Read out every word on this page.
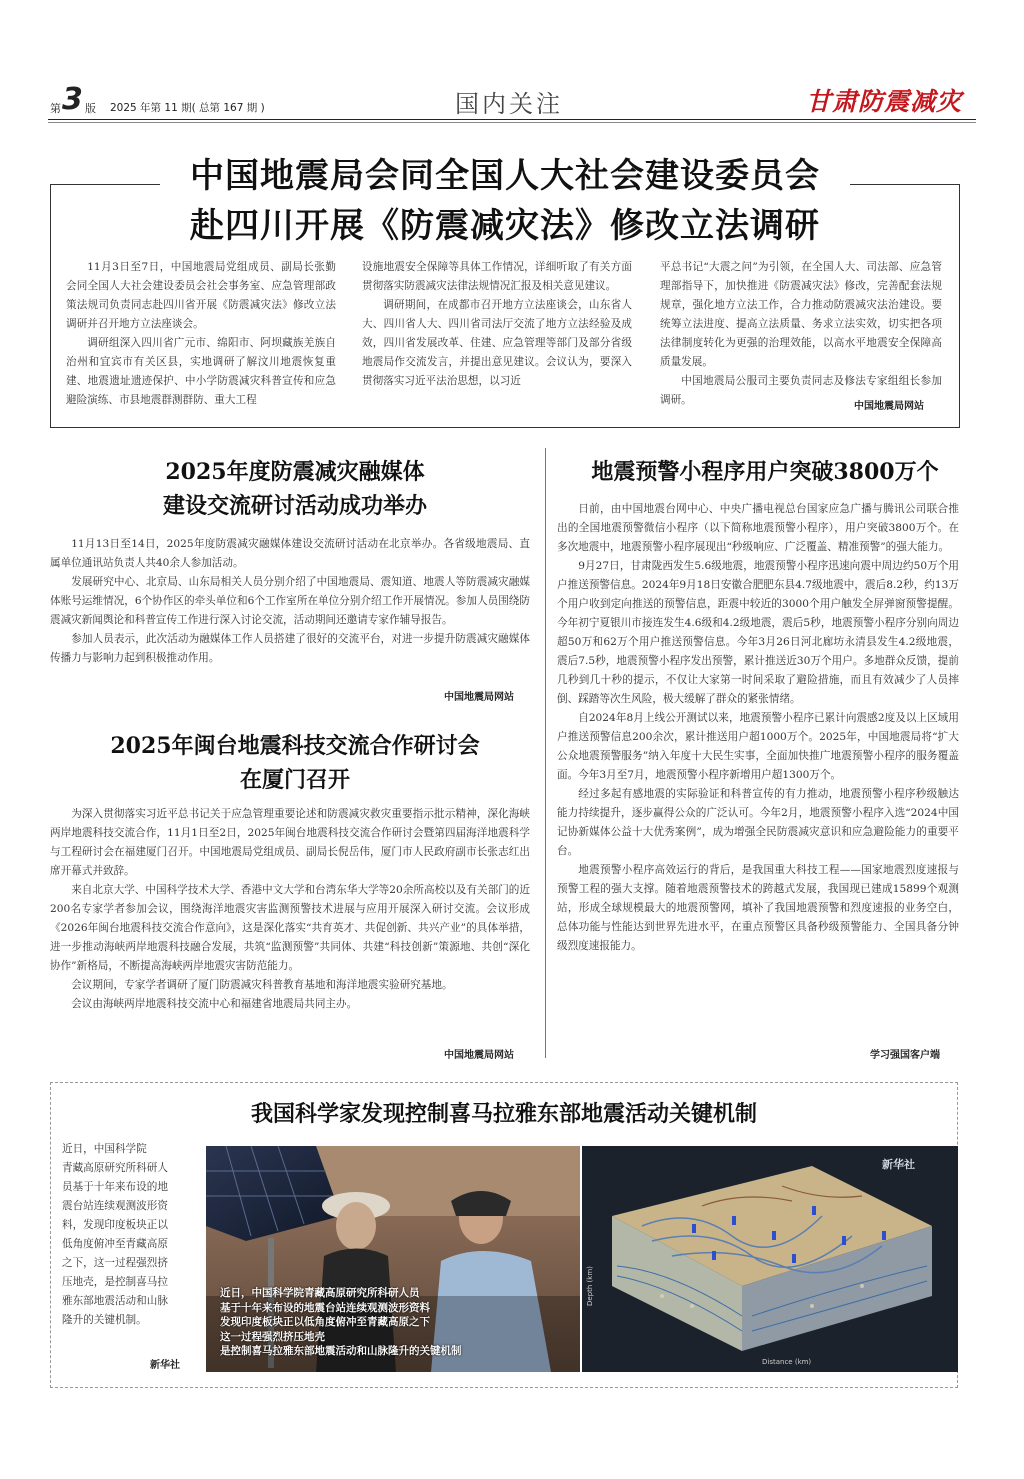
第 3 版 2025 年第 11 期( 总第 167 期 )	国内关注	甘肃防震减灾
中国地震局会同全国人大社会建设委员会
赴四川开展《防震减灾法》修改立法调研

11月3日至7日，中国地震局党组成员、副局长张勤会同全国人大社会建设委员会社会事务室、应急管理部政策法规司负责同志赴四川省开展《防震减灾法》修改立法调研并召开地方立法座谈会。

调研组深入四川省广元市、绵阳市、阿坝藏族羌族自治州和宜宾市有关区县，实地调研了解汶川地震恢复重建、地震遗址遗迹保护、中小学防震减灾科普宣传和应急避险演练、市县地震群测群防、重大工程

设施地震安全保障等具体工作情况，详细听取了有关方面贯彻落实防震减灾法律法规情况汇报及相关意见建议。

调研期间，在成都市召开地方立法座谈会，山东省人大、四川省人大、四川省司法厅交流了地方立法经验及成效，四川省发展改革、住建、应急管理等部门及部分省级地震局作交流发言，并提出意见建议。会议认为，要深入贯彻落实习近平法治思想，以习近

平总书记“大震之问”为引领，在全国人大、司法部、应急管理部指导下，加快推进《防震减灾法》修改，完善配套法规规章，强化地方立法工作，合力推动防震减灾法治建设。要统筹立法进度、提高立法质量、务求立法实效，切实把各项法律制度转化为更强的治理效能，以高水平地震安全保障高质量发展。

中国地震局公服司主要负责同志及修法专家组组长参加调研。

中国地震局网站
2025年度防震减灾融媒体
建设交流研讨活动成功举办

11月13日至14日，2025年度防震减灾融媒体建设交流研讨活动在北京举办。各省级地震局、直属单位通讯站负责人共40余人参加活动。

发展研究中心、北京局、山东局相关人员分别介绍了中国地震局、震知道、地震人等防震减灾融媒体账号运维情况，6个协作区的牵头单位和6个工作室所在单位分别介绍工作开展情况。参加人员围绕防震减灾新闻舆论和科普宣传工作进行深入讨论交流，活动期间还邀请专家作辅导报告。

参加人员表示，此次活动为融媒体工作人员搭建了很好的交流平台，对进一步提升防震减灾融媒体传播力与影响力起到积极推动作用。

中国地震局网站
2025年闽台地震科技交流合作研讨会
在厦门召开

为深入贯彻落实习近平总书记关于应急管理重要论述和防震减灾救灾重要指示批示精神，深化海峡两岸地震科技交流合作，11月1日至2日，2025年闽台地震科技交流合作研讨会暨第四届海洋地震科学与工程研讨会在福建厦门召开。中国地震局党组成员、副局长倪岳伟，厦门市人民政府副市长张志红出席开幕式并致辞。

来自北京大学、中国科学技术大学、香港中文大学和台湾东华大学等20余所高校以及有关部门的近200名专家学者参加会议，围绕海洋地震灾害监测预警技术进展与应用开展深入研讨交流。会议形成《2026年闽台地震科技交流合作意向》，这是深化落实“共育英才、共促创新、共兴产业”的具体举措，进一步推动海峡两岸地震科技融合发展，共筑“监测预警”共同体、共建“科技创新”策源地、共创“深化协作”新格局，不断提高海峡两岸地震灾害防范能力。

会议期间，专家学者调研了厦门防震减灾科普教育基地和海洋地震实验研究基地。

会议由海峡两岸地震科技交流中心和福建省地震局共同主办。

中国地震局网站
地震预警小程序用户突破3800万个

日前，由中国地震台网中心、中央广播电视总台国家应急广播与腾讯公司联合推出的全国地震预警微信小程序（以下简称地震预警小程序），用户突破3800万个。在多次地震中，地震预警小程序展现出“秒级响应、广泛覆盖、精准预警”的强大能力。

9月27日，甘肃陇西发生5.6级地震，地震预警小程序迅速向震中周边约50万个用户推送预警信息。2024年9月18日安徽合肥肥东县4.7级地震中，震后8.2秒，约13万个用户收到定向推送的预警信息，距震中较近的3000个用户触发全屏弹窗预警提醒。今年初宁夏银川市接连发生4.6级和4.2级地震，震后5秒，地震预警小程序分别向周边超50万和62万个用户推送预警信息。今年3月26日河北廊坊永清县发生4.2级地震，震后7.5秒，地震预警小程序发出预警，累计推送近30万个用户。多地群众反馈，提前几秒到几十秒的提示，不仅让大家第一时间采取了避险措施，而且有效减少了人员摔倒、踩踏等次生风险，极大缓解了群众的紧张情绪。

自2024年8月上线公开测试以来，地震预警小程序已累计向震感2度及以上区域用户推送预警信息200余次，累计推送用户超1000万个。2025年，中国地震局将“扩大公众地震预警服务”纳入年度十大民生实事，全面加快推广地震预警小程序的服务覆盖面。今年3月至7月，地震预警小程序新增用户超1300万个。

经过多起有感地震的实际验证和科普宣传的有力推动，地震预警小程序秒级触达能力持续提升，逐步赢得公众的广泛认可。今年2月，地震预警小程序入选“2024中国记协新媒体公益十大优秀案例”，成为增强全民防震减灾意识和应急避险能力的重要平台。

地震预警小程序高效运行的背后，是我国重大科技工程——国家地震烈度速报与预警工程的强大支撑。随着地震预警技术的跨越式发展，我国现已建成15899个观测站，形成全球规模最大的地震预警网，填补了我国地震预警和烈度速报的业务空白，总体功能与性能达到世界先进水平，在重点预警区具备秒级预警能力、全国具备分钟级烈度速报能力。

学习强国客户端
我国科学家发现控制喜马拉雅东部地震活动关键机制
近日，中国科学院
青藏高原研究所科研人
员基于十年来布设的地
震台站连续观测波形资
料，发现印度板块正以
低角度俯冲至青藏高原
之下，这一过程强烈挤
压地壳，是控制喜马拉
雅东部地震活动和山脉
隆升的关键机制。
新华社
近日，中国科学院青藏高原研究所科研人员
基于十年来布设的地震台站连续观测波形资料
发现印度板块正以低角度俯冲至青藏高原之下
这一过程强烈挤压地壳
是控制喜马拉雅东部地震活动和山脉隆升的关键机制
新华社
Depth (km)
Distance (km)
